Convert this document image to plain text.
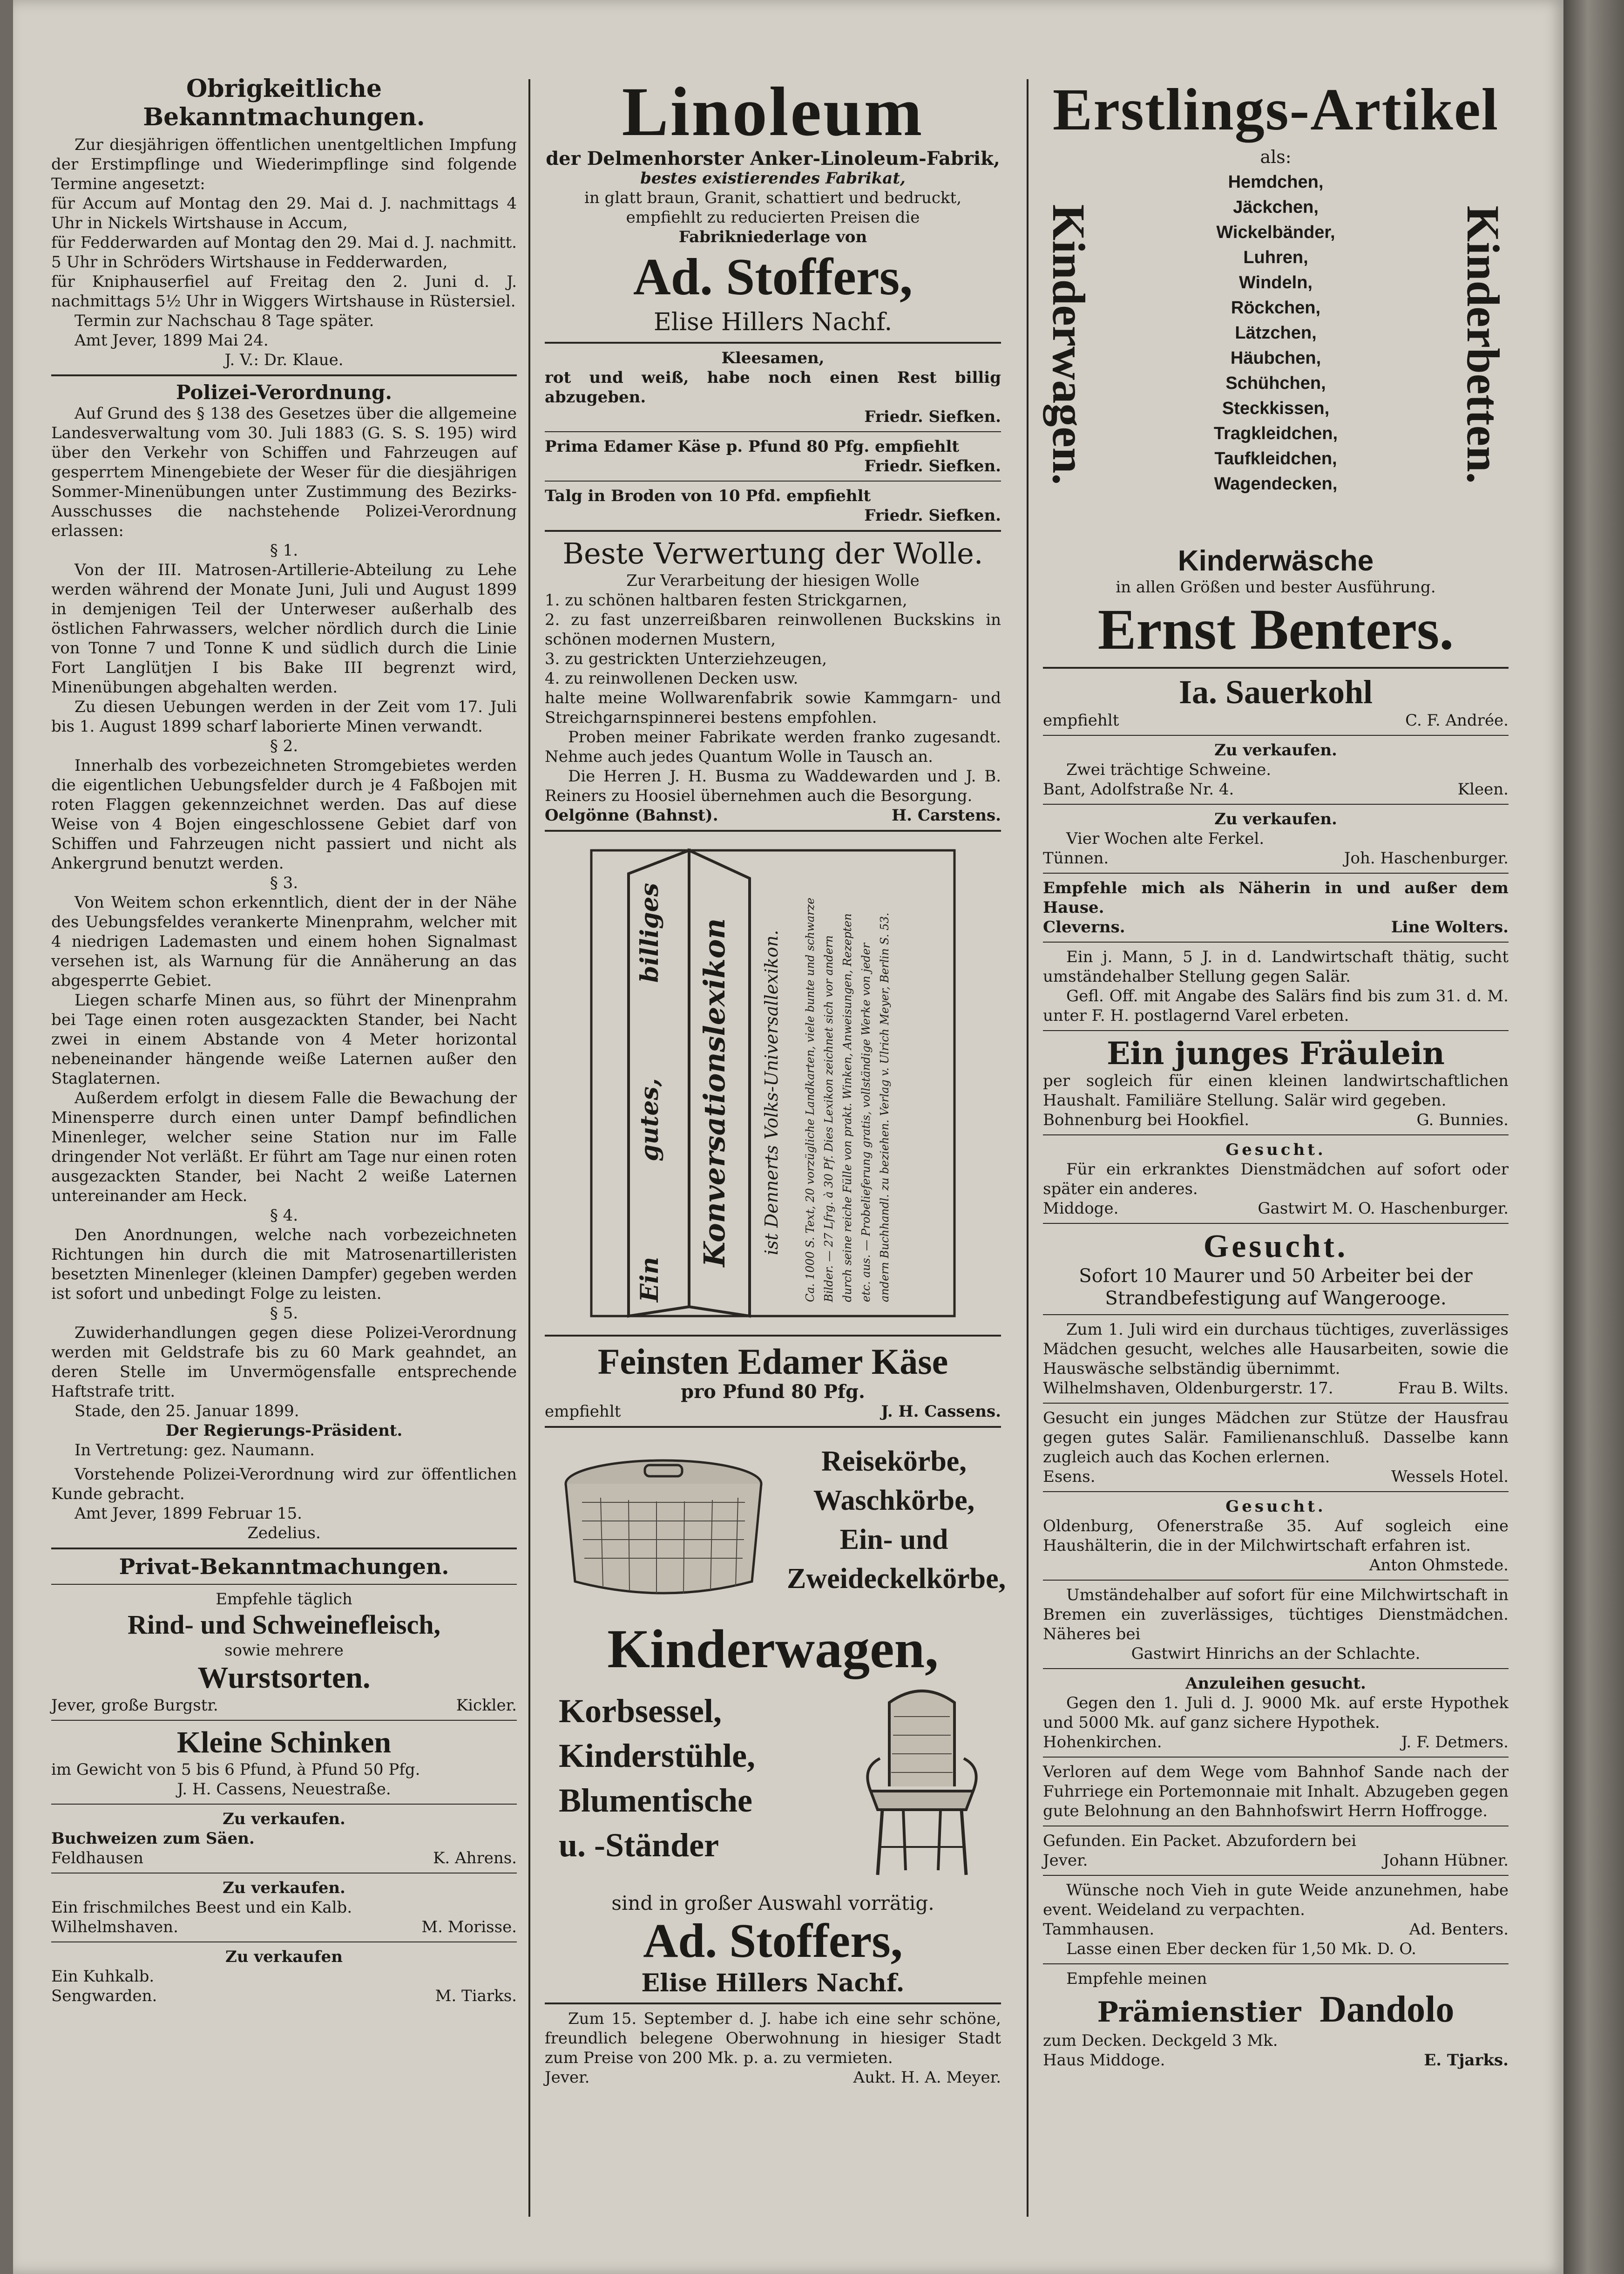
Obrigkeitliche Bekanntmachungen.
Zur diesjährigen öffentlichen unentgeltlichen Impfung der Erstimpflinge und Wiederimpflinge sind folgende Termine angesetzt:
für Accum auf Montag den 29. Mai d. J. nachmittags 4 Uhr in Nickels Wirtshause in Accum,
für Fedderwarden auf Montag den 29. Mai d. J. nachmitt. 5 Uhr in Schröders Wirtshause in Fedderwarden,
für Kniphauserfiel auf Freitag den 2. Juni d. J. nachmittags 5½ Uhr in Wiggers Wirtshause in Rüstersiel.
Termin zur Nachschau 8 Tage später.
Amt Jever, 1899 Mai 24.
J. V.: Dr. Klaue.
Polizei-Verordnung.
Auf Grund des § 138 des Gesetzes über die allgemeine Landesverwaltung vom 30. Juli 1883 (G. S. S. 195) wird über den Verkehr von Schiffen und Fahrzeugen auf gesperrtem Minengebiete der Weser für die diesjährigen Sommer-Minenübungen unter Zustimmung des Bezirks-Ausschusses die nachstehende Polizei-Verordnung erlassen:
§ 1.
Von der III. Matrosen-Artillerie-Abteilung zu Lehe werden während der Monate Juni, Juli und August 1899 in demjenigen Teil der Unterweser außerhalb des östlichen Fahrwassers, welcher nördlich durch die Linie von Tonne 7 und Tonne K und südlich durch die Linie Fort Langlütjen I bis Bake III begrenzt wird, Minenübungen abgehalten werden.
Zu diesen Uebungen werden in der Zeit vom 17. Juli bis 1. August 1899 scharf laborierte Minen verwandt.
§ 2.
Innerhalb des vorbezeichneten Stromgebietes werden die eigentlichen Uebungsfelder durch je 4 Faßbojen mit roten Flaggen gekennzeichnet werden. Das auf diese Weise von 4 Bojen eingeschlossene Gebiet darf von Schiffen und Fahrzeugen nicht passiert und nicht als Ankergrund benutzt werden.
§ 3.
Von Weitem schon erkenntlich, dient der in der Nähe des Uebungsfeldes verankerte Minenprahm, welcher mit 4 niedrigen Lademasten und einem hohen Signalmast versehen ist, als Warnung für die Annäherung an das abgesperrte Gebiet.
Liegen scharfe Minen aus, so führt der Minenprahm bei Tage einen roten ausgezackten Stander, bei Nacht zwei in einem Abstande von 4 Meter horizontal nebeneinander hängende weiße Laternen außer den Staglaternen.
Außerdem erfolgt in diesem Falle die Bewachung der Minensperre durch einen unter Dampf befindlichen Minenleger, welcher seine Station nur im Falle dringender Not verläßt. Er führt am Tage nur einen roten ausgezackten Stander, bei Nacht 2 weiße Laternen untereinander am Heck.
§ 4.
Den Anordnungen, welche nach vorbezeichneten Richtungen hin durch die mit Matrosenartilleristen besetzten Minenleger (kleinen Dampfer) gegeben werden ist sofort und unbedingt Folge zu leisten.
§ 5.
Zuwiderhandlungen gegen diese Polizei-Verordnung werden mit Geldstrafe bis zu 60 Mark geahndet, an deren Stelle im Unvermögensfalle entsprechende Haftstrafe tritt.
Stade, den 25. Januar 1899.
Der Regierungs-Präsident.
In Vertretung: gez. Naumann.
Vorstehende Polizei-Verordnung wird zur öffentlichen Kunde gebracht.
Amt Jever, 1899 Februar 15.
Zedelius.
Privat-Bekanntmachungen.
Empfehle täglich
Rind- und Schweinefleisch,
sowie mehrere
Wurstsorten.
Jever, große Burgstr.	Kickler.
Kleine Schinken
im Gewicht von 5 bis 6 Pfund, à Pfund 50 Pfg.
J. H. Cassens, Neuestraße.
Zu verkaufen.
Buchweizen zum Säen.
Feldhausen	K. Ahrens.
Zu verkaufen.
Ein frischmilches Beest und ein Kalb.
Wilhelmshaven.	M. Morisse.
Zu verkaufen
Ein Kuhkalb.
Sengwarden.	M. Tiarks.
Linoleum
der Delmenhorster Anker-Linoleum-Fabrik,
bestes existierendes Fabrikat,
in glatt braun, Granit, schattiert und bedruckt,
empfiehlt zu reducierten Preisen die
Fabrikniederlage von
Ad. Stoffers,
Elise Hillers Nachf.
Kleesamen,
rot und weiß, habe noch einen Rest billig abzugeben.
Friedr. Siefken.
Prima Edamer Käse p. Pfund 80 Pfg. empfiehlt
Friedr. Siefken.
Talg in Broden von 10 Pfd. empfiehlt
Friedr. Siefken.
Beste Verwertung der Wolle.
Zur Verarbeitung der hiesigen Wolle
1. zu schönen haltbaren festen Strickgarnen,
2. zu fast unzerreißbaren reinwollenen Buckskins in schönen modernen Mustern,
3. zu gestrickten Unterziehzeugen,
4. zu reinwollenen Decken usw.
halte meine Wollwarenfabrik sowie Kammgarn- und Streichgarnspinnerei bestens empfohlen.
Proben meiner Fabrikate werden franko zugesandt. Nehme auch jedes Quantum Wolle in Tausch an.
Die Herren J. H. Busma zu Waddewarden und J. B. Reiners zu Hoosiel übernehmen auch die Besorgung.
Oelgönne (Bahnst).	H. Carstens.
Ein
gutes,
billiges Konversationslexikon ist Dennerts Volks-Universallexikon. Ca. 1000 S. Text, 20 vorzügliche Landkarten, viele bunte und schwarze Bilder. — 27 Lfrg. à 30 Pf. Dies Lexikon zeichnet sich vor andern durch seine reiche Fülle von prakt. Winken, Anweisungen, Rezepten etc. aus. — Probelieferung gratis, vollständige Werke von jeder andern Buchhandl. zu beziehen. Verlag v. Ulrich Meyer, Berlin S. 53.
Feinsten Edamer Käse
pro Pfund 80 Pfg.
empfiehlt	J. H. Cassens.
Reisekörbe,
Waschkörbe,
Ein- und
Zweideckelkörbe,
Kinderwagen,
Korbsessel,
Kinderstühle,
Blumentische
u. -Ständer
sind in großer Auswahl vorrätig.
Ad. Stoffers,
Elise Hillers Nachf.
Zum 15. September d. J. habe ich eine sehr schöne, freundlich belegene Oberwohnung in hiesiger Stadt zum Preise von 200 Mk. p. a. zu vermieten.
Jever.	Aukt. H. A. Meyer.
Erstlings-Artikel
Kinderwagen.	Kinderbetten.
als:
Hemdchen,
Jäckchen,
Wickelbänder,
Luhren,
Windeln,
Röckchen,
Lätzchen,
Häubchen,
Schühchen,
Steckkissen,
Tragkleidchen,
Taufkleidchen,
Wagendecken,
Kinderwäsche
in allen Größen und bester Ausführung.
Ernst Benters.
Ia. Sauerkohl
empfiehlt	C. F. Andrée.
Zu verkaufen.
Zwei trächtige Schweine.
Bant, Adolfstraße Nr. 4.	Kleen.
Zu verkaufen.
Vier Wochen alte Ferkel.
Tünnen.	Joh. Haschenburger.
Empfehle mich als Näherin in und außer dem Hause.
Cleverns.	Line Wolters.
Ein j. Mann, 5 J. in d. Landwirtschaft thätig, sucht umständehalber Stellung gegen Salär.
Gefl. Off. mit Angabe des Salärs find bis zum 31. d. M. unter F. H. postlagernd Varel erbeten.
Ein junges Fräulein
per sogleich für einen kleinen landwirtschaftlichen Haushalt. Familiäre Stellung. Salär wird gegeben.
Bohnenburg bei Hookfiel.	G. Bunnies.
Gesucht.
Für ein erkranktes Dienstmädchen auf sofort oder später ein anderes.
Middoge.	Gastwirt M. O. Haschenburger.
Gesucht.
Sofort 10 Maurer und 50 Arbeiter bei der Strandbefestigung auf Wangerooge.
Zum 1. Juli wird ein durchaus tüchtiges, zuverlässiges Mädchen gesucht, welches alle Hausarbeiten, sowie die Hauswäsche selbständig übernimmt.
Wilhelmshaven, Oldenburgerstr. 17.	Frau B. Wilts.
Gesucht ein junges Mädchen zur Stütze der Hausfrau gegen gutes Salär. Familienanschluß. Dasselbe kann zugleich auch das Kochen erlernen.
Esens.	Wessels Hotel.
Gesucht.
Oldenburg, Ofenerstraße 35. Auf sogleich eine Haushälterin, die in der Milchwirtschaft erfahren ist.
Anton Ohmstede.
Umständehalber auf sofort für eine Milchwirtschaft in Bremen ein zuverlässiges, tüchtiges Dienstmädchen. Näheres bei
Gastwirt Hinrichs an der Schlachte.
Anzuleihen gesucht.
Gegen den 1. Juli d. J. 9000 Mk. auf erste Hypothek und 5000 Mk. auf ganz sichere Hypothek.
Hohenkirchen.	J. F. Detmers.
Verloren auf dem Wege vom Bahnhof Sande nach der Fuhrriege ein Portemonnaie mit Inhalt. Abzugeben gegen gute Belohnung an den Bahnhofswirt Herrn Hoffrogge.
Gefunden. Ein Packet. Abzufordern bei
Jever.	Johann Hübner.
Wünsche noch Vieh in gute Weide anzunehmen, habe event. Weideland zu verpachten.
Tammhausen.	Ad. Benters.
Lasse einen Eber decken für 1,50 Mk. D. O.
Empfehle meinen
Prämienstier Dandolo
zum Decken. Deckgeld 3 Mk.
Haus Middoge.	E. Tjarks.
